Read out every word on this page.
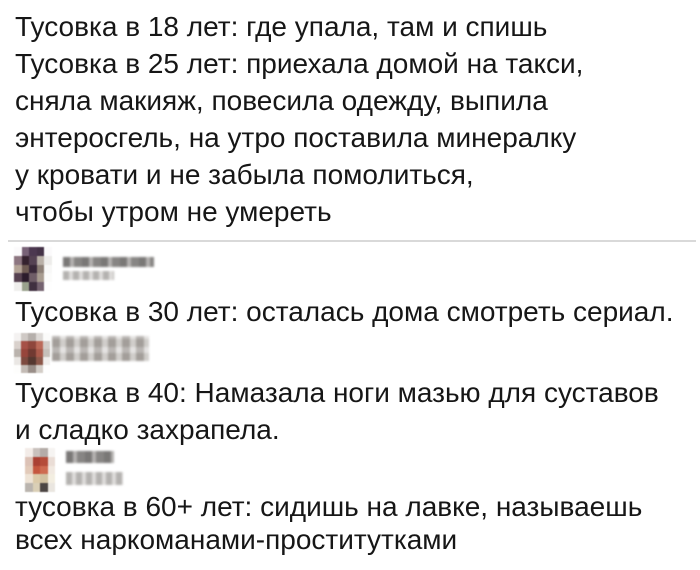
Тусовка в 18 лет: где упала, там и спишь
Тусовка в 25 лет: приехала домой на такси,
сняла макияж, повесила одежду, выпила
энтеросгель, на утро поставила минералку
у кровати и не забыла помолиться,
чтобы утром не умереть
Тусовка в 30 лет: осталась дома смотреть сериал.
Тусовка в 40: Намазала ноги мазью для суставов
и сладко захрапела.
тусовка в 60+ лет: сидишь на лавке, называешь
всех наркоманами-проститутками
